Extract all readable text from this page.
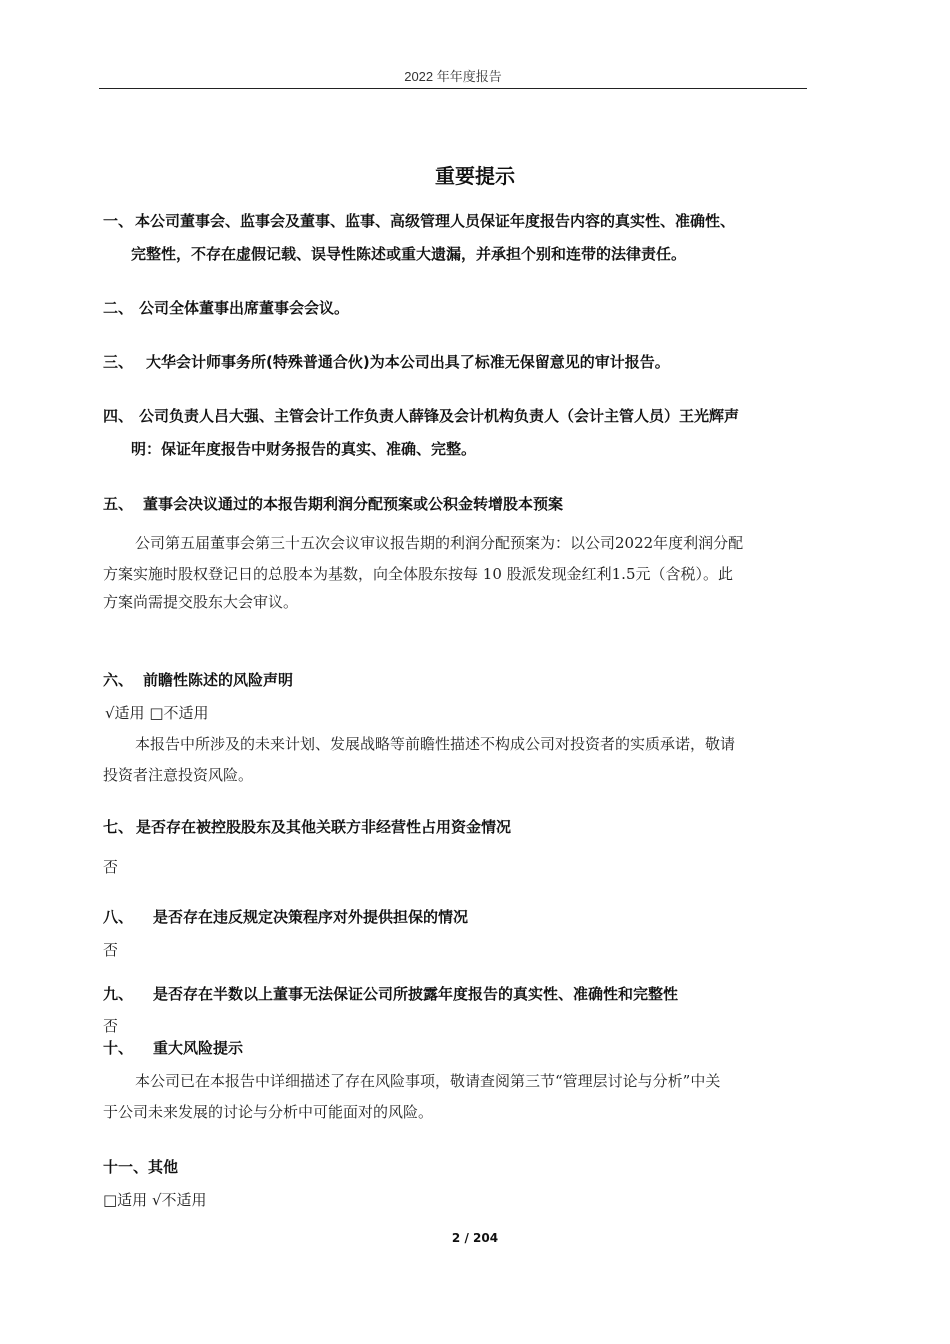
2022 年年度报告
重要提示
一、 本公司董事会、监事会及董事、监事、高级管理人员保证年度报告内容的真实性、准确性、
完整性，不存在虚假记载、误导性陈述或重大遗漏，并承担个别和连带的法律责任。
二、 公司全体董事出席董事会会议。
三、 大华会计师事务所(特殊普通合伙)为本公司出具了标准无保留意见的审计报告。
四、 公司负责人吕大强、主管会计工作负责人薛锋及会计机构负责人（会计主管人员）王光辉声
明：保证年度报告中财务报告的真实、准确、完整。
五、 董事会决议通过的本报告期利润分配预案或公积金转增股本预案
公司第五届董事会第三十五次会议审议报告期的利润分配预案为：以公司2022年度利润分配
方案实施时股权登记日的总股本为基数，向全体股东按每 10 股派发现金红利1.5元（含税）。此
方案尚需提交股东大会审议。
六、 前瞻性陈述的风险声明
√适用 □不适用
本报告中所涉及的未来计划、发展战略等前瞻性描述不构成公司对投资者的实质承诺，敬请
投资者注意投资风险。
七、 是否存在被控股股东及其他关联方非经营性占用资金情况
否
八、 是否存在违反规定决策程序对外提供担保的情况
否
九、 是否存在半数以上董事无法保证公司所披露年度报告的真实性、准确性和完整性
否
十、 重大风险提示
本公司已在本报告中详细描述了存在风险事项，敬请查阅第三节“管理层讨论与分析”中关
于公司未来发展的讨论与分析中可能面对的风险。
十一、其他
□适用 √不适用
2 / 204
